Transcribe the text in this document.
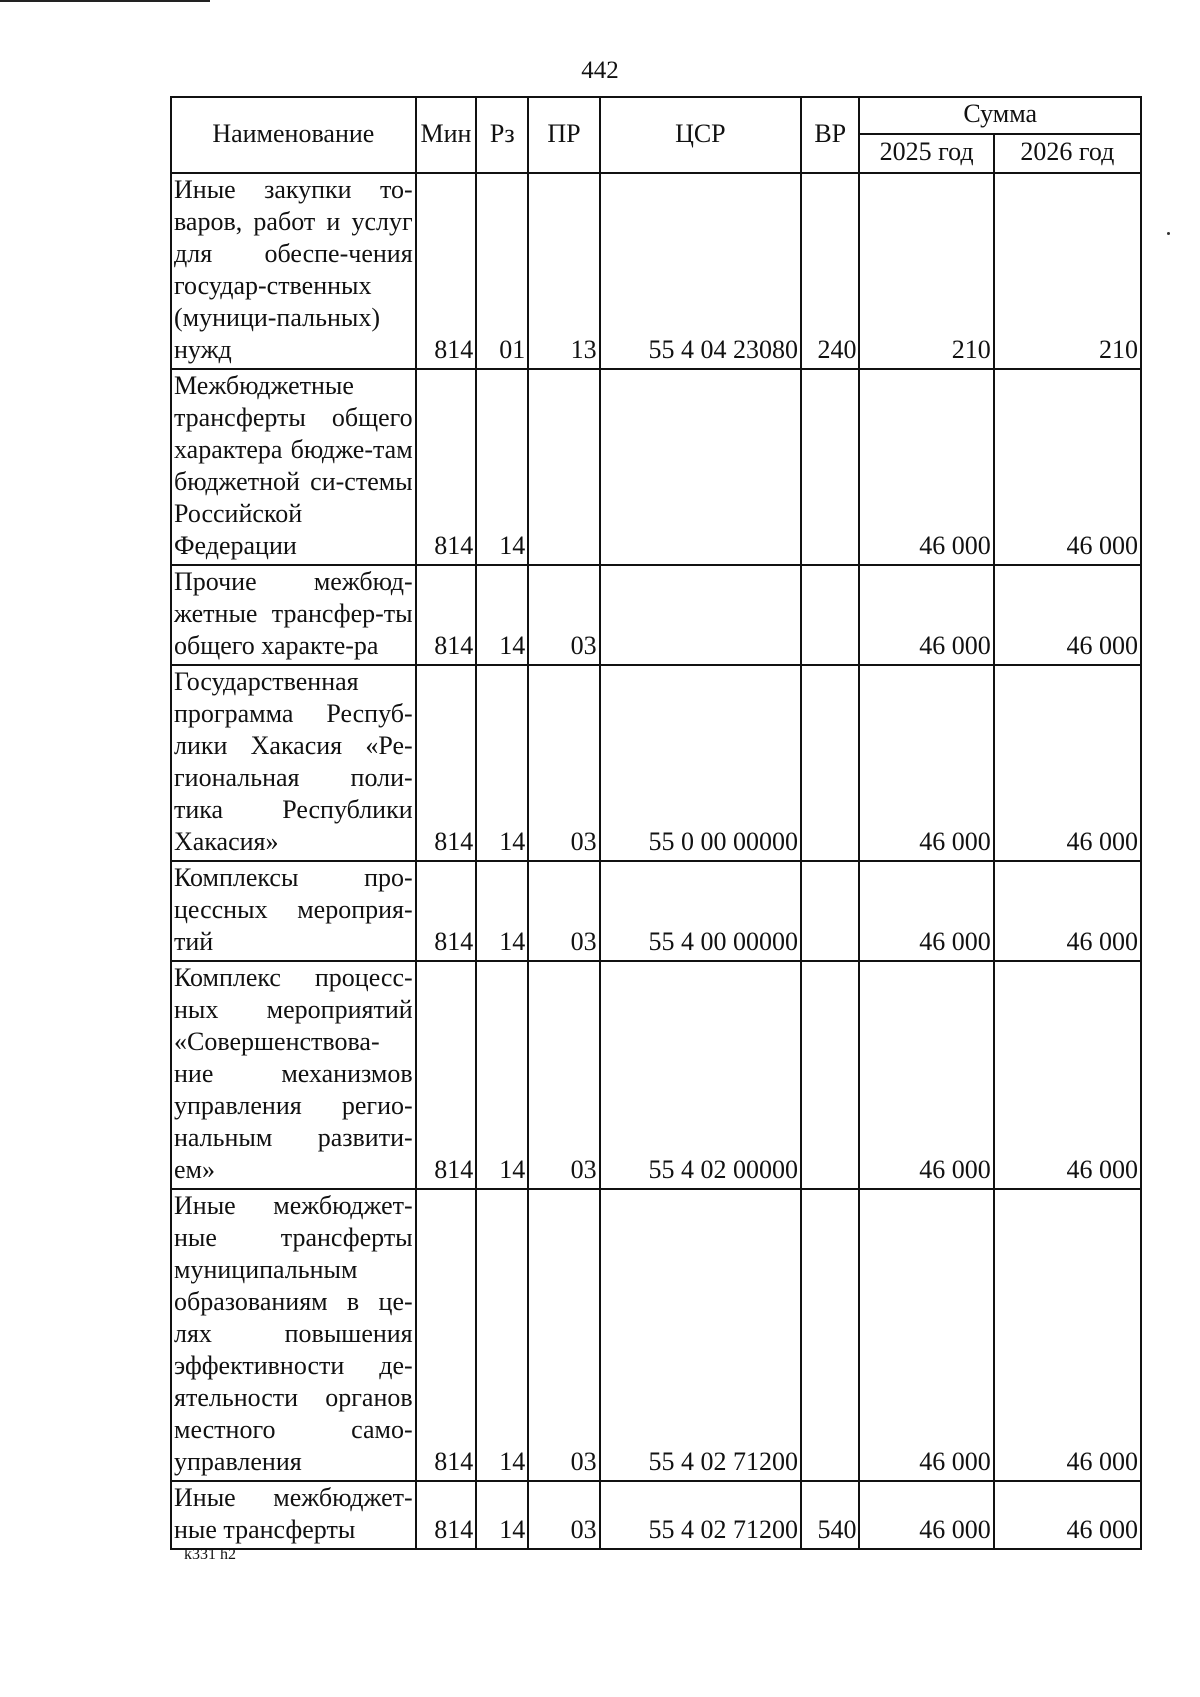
442
Наименование	Мин	Рз	ПР	ЦСР	ВР	Сумма	
						2025 год	2026 год
Иные закупки то-варов, работ и услуг для обеспе-чения государ-ственных (муници-пальных) нужд	814	01	13	55 4 04 23080	240	210	210
Межбюджетные трансферты общего характера бюдже-там бюджетной си-стемы Российской Федерации	814	14				46 000	46 000
Прочие межбюд-жетные трансфер-ты общего характе-ра	814	14	03			46 000	46 000
Государственная программа Респуб-лики Хакасия «Ре-гиональная поли-тика Республики Хакасия»	814	14	03	55 0 00 00000		46 000	46 000
Комплексы про-цессных мероприя-тий	814	14	03	55 4 00 00000		46 000	46 000
Комплекс процесс-ных мероприятий «Совершенствова-ние механизмов управления регио-нальным развити-ем»	814	14	03	55 4 02 00000		46 000	46 000
Иные межбюджет-ные трансферты муниципальным образованиям в це-лях повышения эффективности де-ятельности органов местного само-управления	814	14	03	55 4 02 71200		46 000	46 000
Иные межбюджет-ные трансферты	814	14	03	55 4 02 71200	540	46 000	46 000
k331 h2
